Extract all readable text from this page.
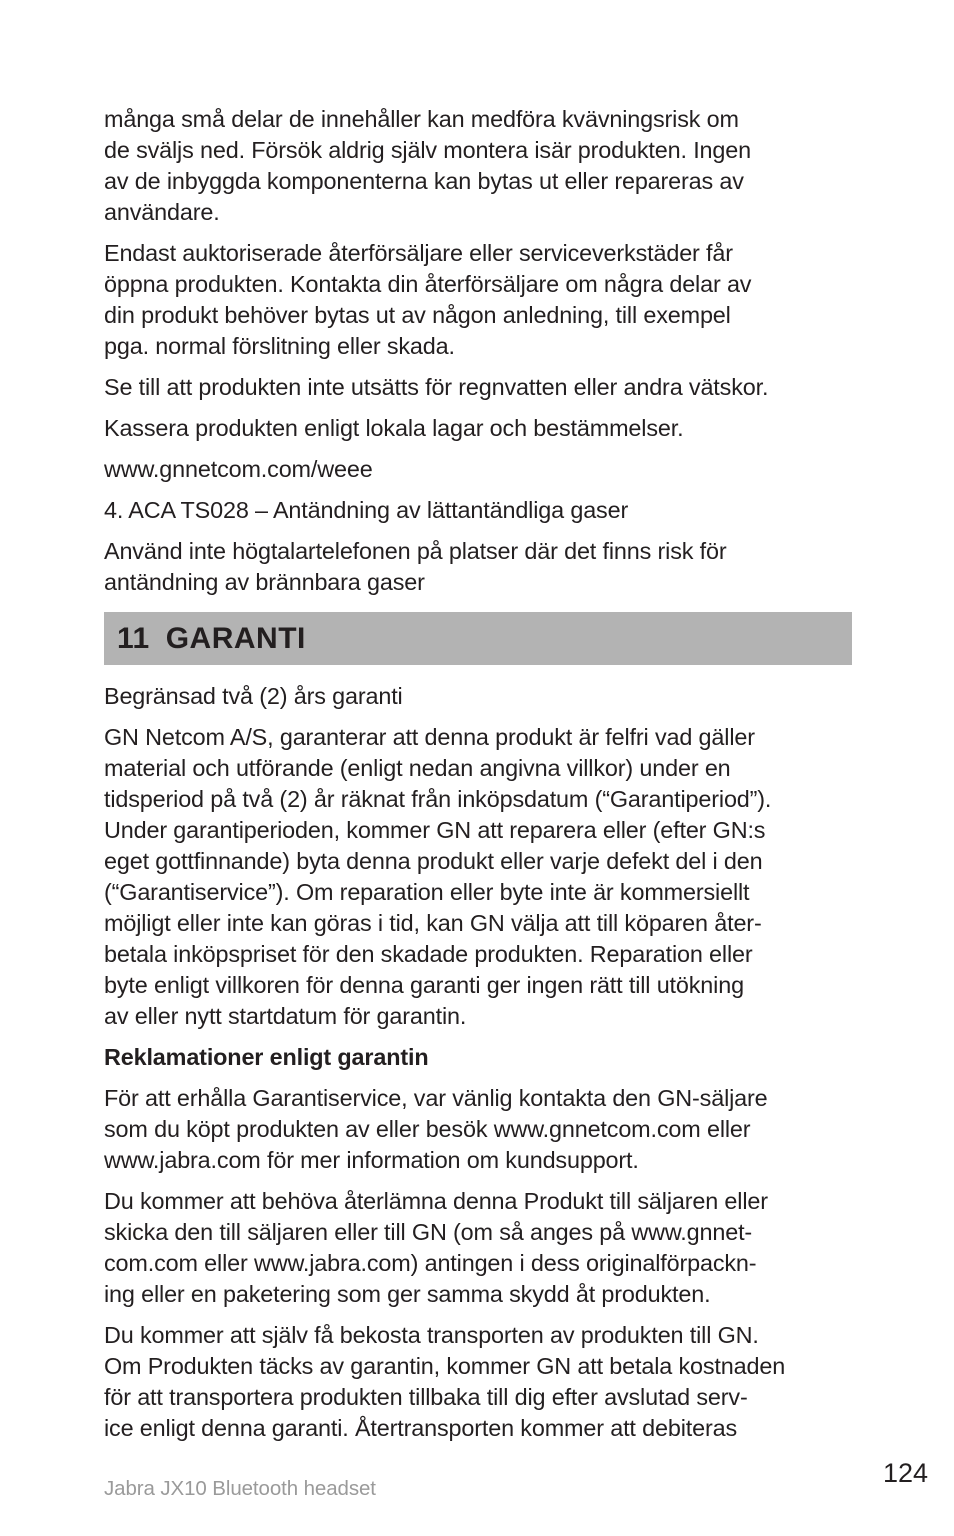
många små delar de innehåller kan medföra kvävningsrisk om
de sväljs ned. Försök aldrig själv montera isär produkten. Ingen
av de inbyggda komponenterna kan bytas ut eller repareras av
användare.

Endast auktoriserade återförsäljare eller serviceverkstäder får
öppna produkten. Kontakta din återförsäljare om några delar av
din produkt behöver bytas ut av någon anledning, till exempel
pga. normal förslitning eller skada.

Se till att produkten inte utsätts för regnvatten eller andra vätskor.

Kassera produkten enligt lokala lagar och bestämmelser.

www.gnnetcom.com/weee

4. ACA TS028 – Antändning av lättantändliga gaser

Använd inte högtalartelefonen på platser där det finns risk för
antändning av brännbara gaser

11 GARANTI

Begränsad två (2) års garanti

GN Netcom A/S, garanterar att denna produkt är felfri vad gäller
material och utförande (enligt nedan angivna villkor) under en
tidsperiod på två (2) år räknat från inköpsdatum (“Garantiperiod”).
Under garantiperioden, kommer GN att reparera eller (efter GN:s
eget gottfinnande) byta denna produkt eller varje defekt del i den
(“Garantiservice”). Om reparation eller byte inte är kommersiellt
möjligt eller inte kan göras i tid, kan GN välja att till köparen åter-
betala inköpspriset för den skadade produkten. Reparation eller
byte enligt villkoren för denna garanti ger ingen rätt till utökning
av eller nytt startdatum för garantin.

Reklamationer enligt garantin

För att erhålla Garantiservice, var vänlig kontakta den GN-säljare
som du köpt produkten av eller besök www.gnnetcom.com eller
www.jabra.com för mer information om kundsupport.

Du kommer att behöva återlämna denna Produkt till säljaren eller
skicka den till säljaren eller till GN (om så anges på www.gnnet-
com.com eller www.jabra.com) antingen i dess originalförpackn-
ing eller en paketering som ger samma skydd åt produkten.

Du kommer att själv få bekosta transporten av produkten till GN.
Om Produkten täcks av garantin, kommer GN att betala kostnaden
för att transportera produkten tillbaka till dig efter avslutad serv-
ice enligt denna garanti. Återtransporten kommer att debiteras

Jabra JX10 Bluetooth headset
124
